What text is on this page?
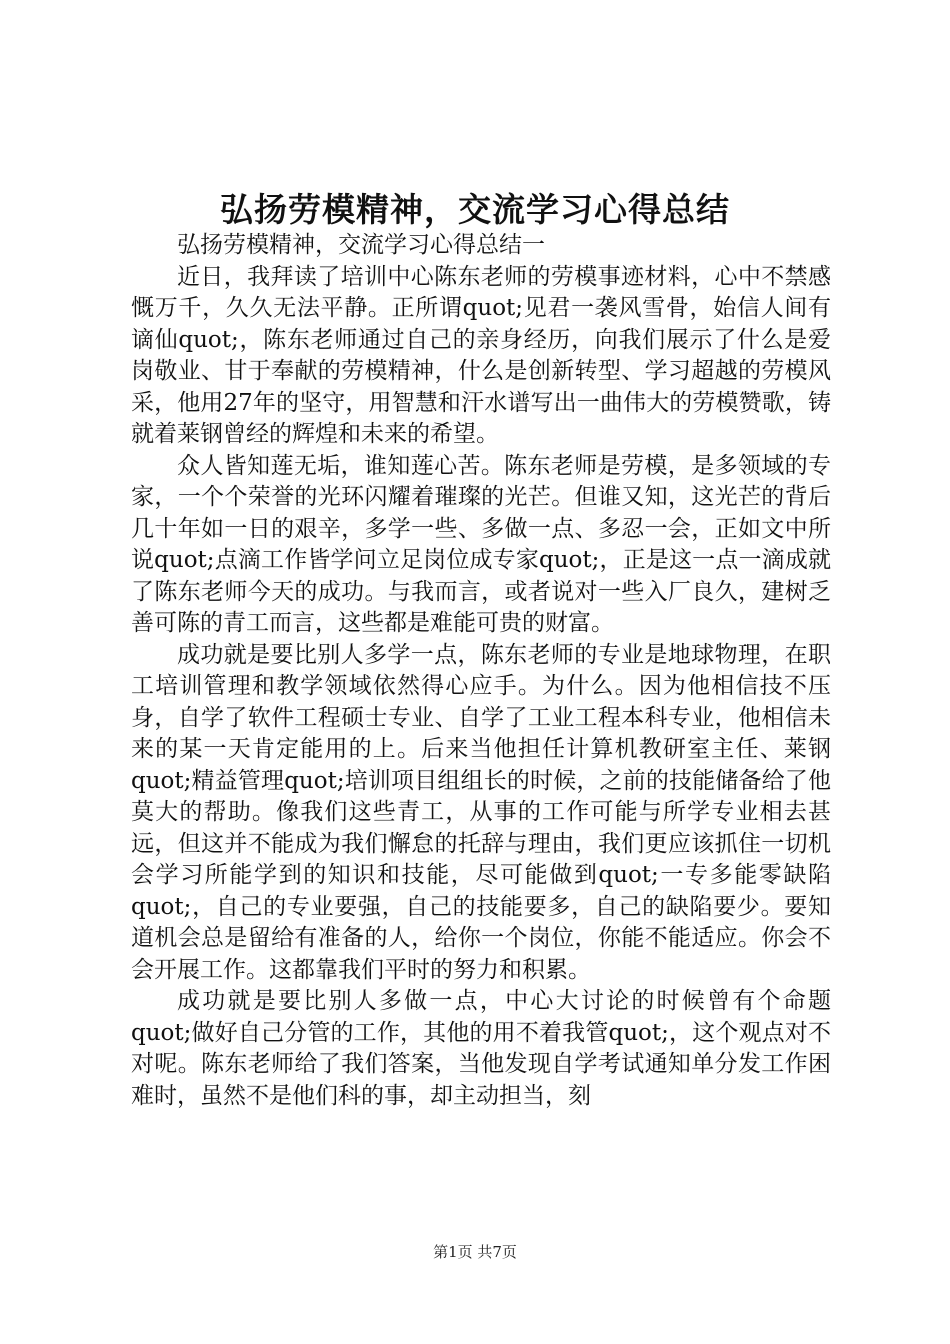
弘扬劳模精神，交流学习心得总结

弘扬劳模精神，交流学习心得总结一

近日，我拜读了培训中心陈东老师的劳模事迹材料，心中不禁感慨万千，久久无法平静。正所谓quot;见君一袭风雪骨，始信人间有谪仙quot;，陈东老师通过自己的亲身经历，向我们展示了什么是爱岗敬业、甘于奉献的劳模精神，什么是创新转型、学习超越的劳模风采，他用27年的坚守，用智慧和汗水谱写出一曲伟大的劳模赞歌，铸就着莱钢曾经的辉煌和未来的希望。

众人皆知莲无垢，谁知莲心苦。陈东老师是劳模，是多领域的专家，一个个荣誉的光环闪耀着璀璨的光芒。但谁又知，这光芒的背后几十年如一日的艰辛，多学一些、多做一点、多忍一会，正如文中所说quot;点滴工作皆学问立足岗位成专家quot;，正是这一点一滴成就了陈东老师今天的成功。与我而言，或者说对一些入厂良久，建树乏善可陈的青工而言，这些都是难能可贵的财富。

成功就是要比别人多学一点，陈东老师的专业是地球物理，在职工培训管理和教学领域依然得心应手。为什么。因为他相信技不压身，自学了软件工程硕士专业、自学了工业工程本科专业，他相信未来的某一天肯定能用的上。后来当他担任计算机教研室主任、莱钢quot;精益管理quot;培训项目组组长的时候，之前的技能储备给了他莫大的帮助。像我们这些青工，从事的工作可能与所学专业相去甚远，但这并不能成为我们懈怠的托辞与理由，我们更应该抓住一切机会学习所能学到的知识和技能，尽可能做到quot;一专多能零缺陷quot;，自己的专业要强，自己的技能要多，自己的缺陷要少。要知道机会总是留给有准备的人，给你一个岗位，你能不能适应。你会不会开展工作。这都靠我们平时的努力和积累。

成功就是要比别人多做一点，中心大讨论的时候曾有个命题quot;做好自己分管的工作，其他的用不着我管quot;，这个观点对不对呢。陈东老师给了我们答案，当他发现自学考试通知单分发工作困难时，虽然不是他们科的事，却主动担当，刻

第1页 共7页
